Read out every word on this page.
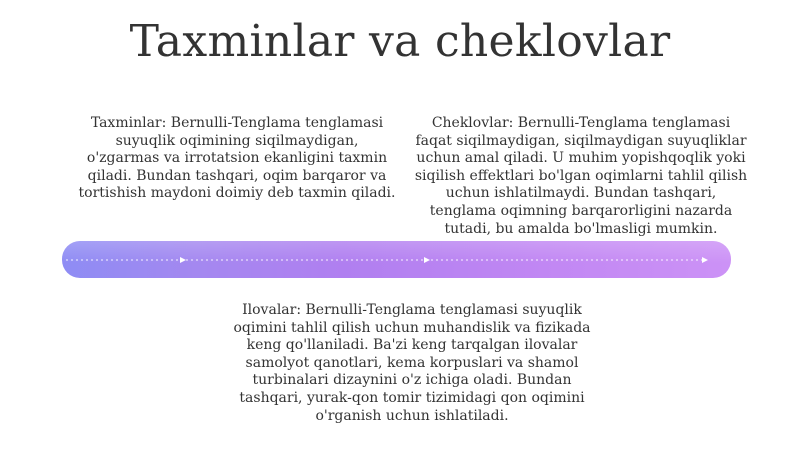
Taxminlar va cheklovlar
Taxminlar: Bernulli-Tenglama tenglamasi suyuqlik oqimining siqilmaydigan, o'zgarmas va irrotatsion ekanligini taxmin qiladi. Bundan tashqari, oqim barqaror va tortishish maydoni doimiy deb taxmin qiladi.
Cheklovlar: Bernulli-Tenglama tenglamasi faqat siqilmaydigan, siqilmaydigan suyuqliklar uchun amal qiladi. U muhim yopishqoqlik yoki siqilish effektlari bo'lgan oqimlarni tahlil qilish uchun ishlatilmaydi. Bundan tashqari, tenglama oqimning barqarorligini nazarda tutadi, bu amalda bo'lmasligi mumkin.
Ilovalar: Bernulli-Tenglama tenglamasi suyuqlik oqimini tahlil qilish uchun muhandislik va fizikada keng qo'llaniladi. Ba'zi keng tarqalgan ilovalar samolyot qanotlari, kema korpuslari va shamol turbinalari dizaynini o'z ichiga oladi. Bundan tashqari, yurak-qon tomir tizimidagi qon oqimini o'rganish uchun ishlatiladi.
